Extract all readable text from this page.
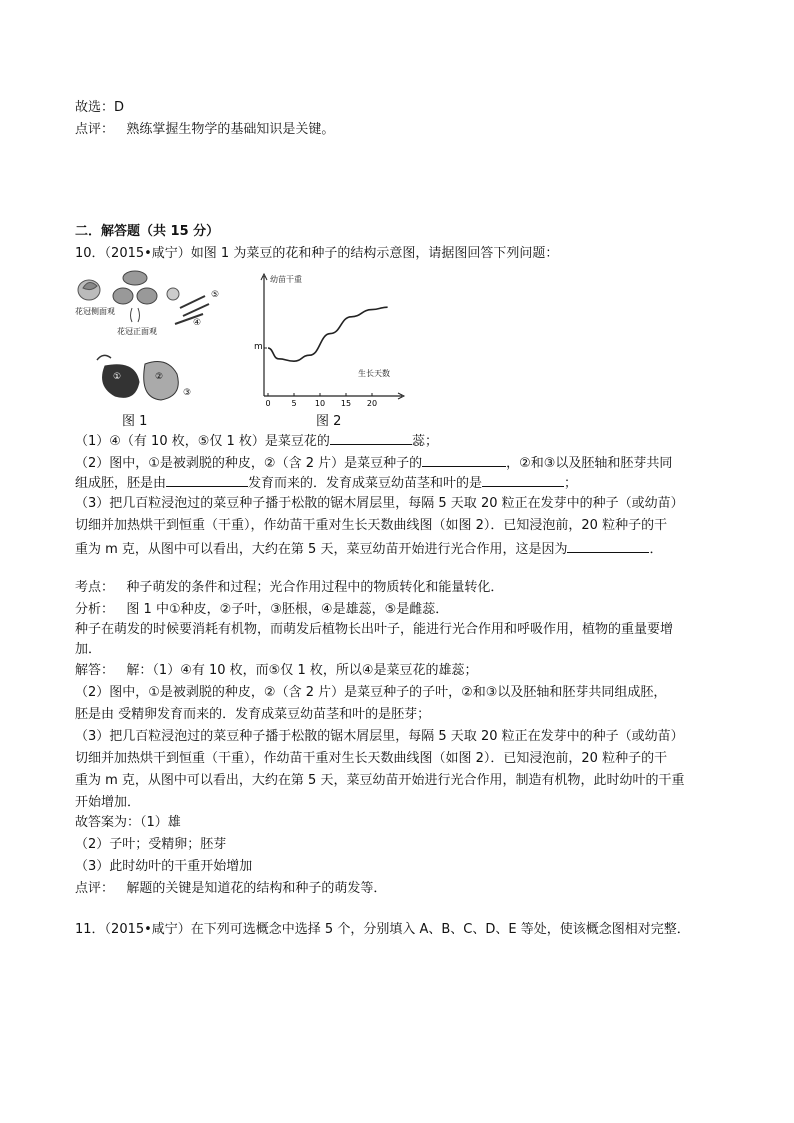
故选：D
点评： 熟练掌握生物学的基础知识是关键。
二．解答题（共 15 分）
10．（2015•咸宁）如图 1 为菜豆的花和种子的结构示意图，请据图回答下列问题：
花冠侧面观
花冠正面观
④
⑤
①	②
③
图 1
0	5 10 15 20
幼苗干重
生长天数
m
图 2
（1）④（有 10 枚，⑤仅 1 枚）是菜豆花的	蕊；
（2）图中，①是被剥脱的种皮，②（含 2 片）是菜豆种子的	，②和③以及胚轴和胚芽共同
组成胚，胚是由	发育而来的．发育成菜豆幼苗茎和叶的是	；
（3）把几百粒浸泡过的菜豆种子播于松散的锯木屑层里，每隔 5 天取 20 粒正在发芽中的种子（或幼苗）
切细并加热烘干到恒重（干重），作幼苗干重对生长天数曲线图（如图 2）．已知浸泡前，20 粒种子的干
重为 m 克，从图中可以看出，大约在第 5 天，菜豆幼苗开始进行光合作用，这是因为	．
考点： 种子萌发的条件和过程；光合作用过程中的物质转化和能量转化．
分析： 图 1 中①种皮，②子叶，③胚根，④是雄蕊，⑤是雌蕊．
种子在萌发的时候要消耗有机物，而萌发后植物长出叶子，能进行光合作用和呼吸作用，植物的重量要增
加．
解答： 解：（1）④有 10 枚，而⑤仅 1 枚，所以④是菜豆花的雄蕊；
（2）图中，①是被剥脱的种皮，②（含 2 片）是菜豆种子的子叶，②和③以及胚轴和胚芽共同组成胚，
胚是由 受精卵发育而来的．发育成菜豆幼苗茎和叶的是胚芽；
（3）把几百粒浸泡过的菜豆种子播于松散的锯木屑层里，每隔 5 天取 20 粒正在发芽中的种子（或幼苗）
切细并加热烘干到恒重（干重），作幼苗干重对生长天数曲线图（如图 2）．已知浸泡前，20 粒种子的干
重为 m 克，从图中可以看出，大约在第 5 天，菜豆幼苗开始进行光合作用，制造有机物，此时幼叶的干重
开始增加．
故答案为：（1）雄
（2）子叶；受精卵；胚芽
（3）此时幼叶的干重开始增加
点评： 解题的关键是知道花的结构和种子的萌发等．
11．（2015•咸宁）在下列可选概念中选择 5 个，分别填入 A、B、C、D、E 等处，使该概念图相对完整．
